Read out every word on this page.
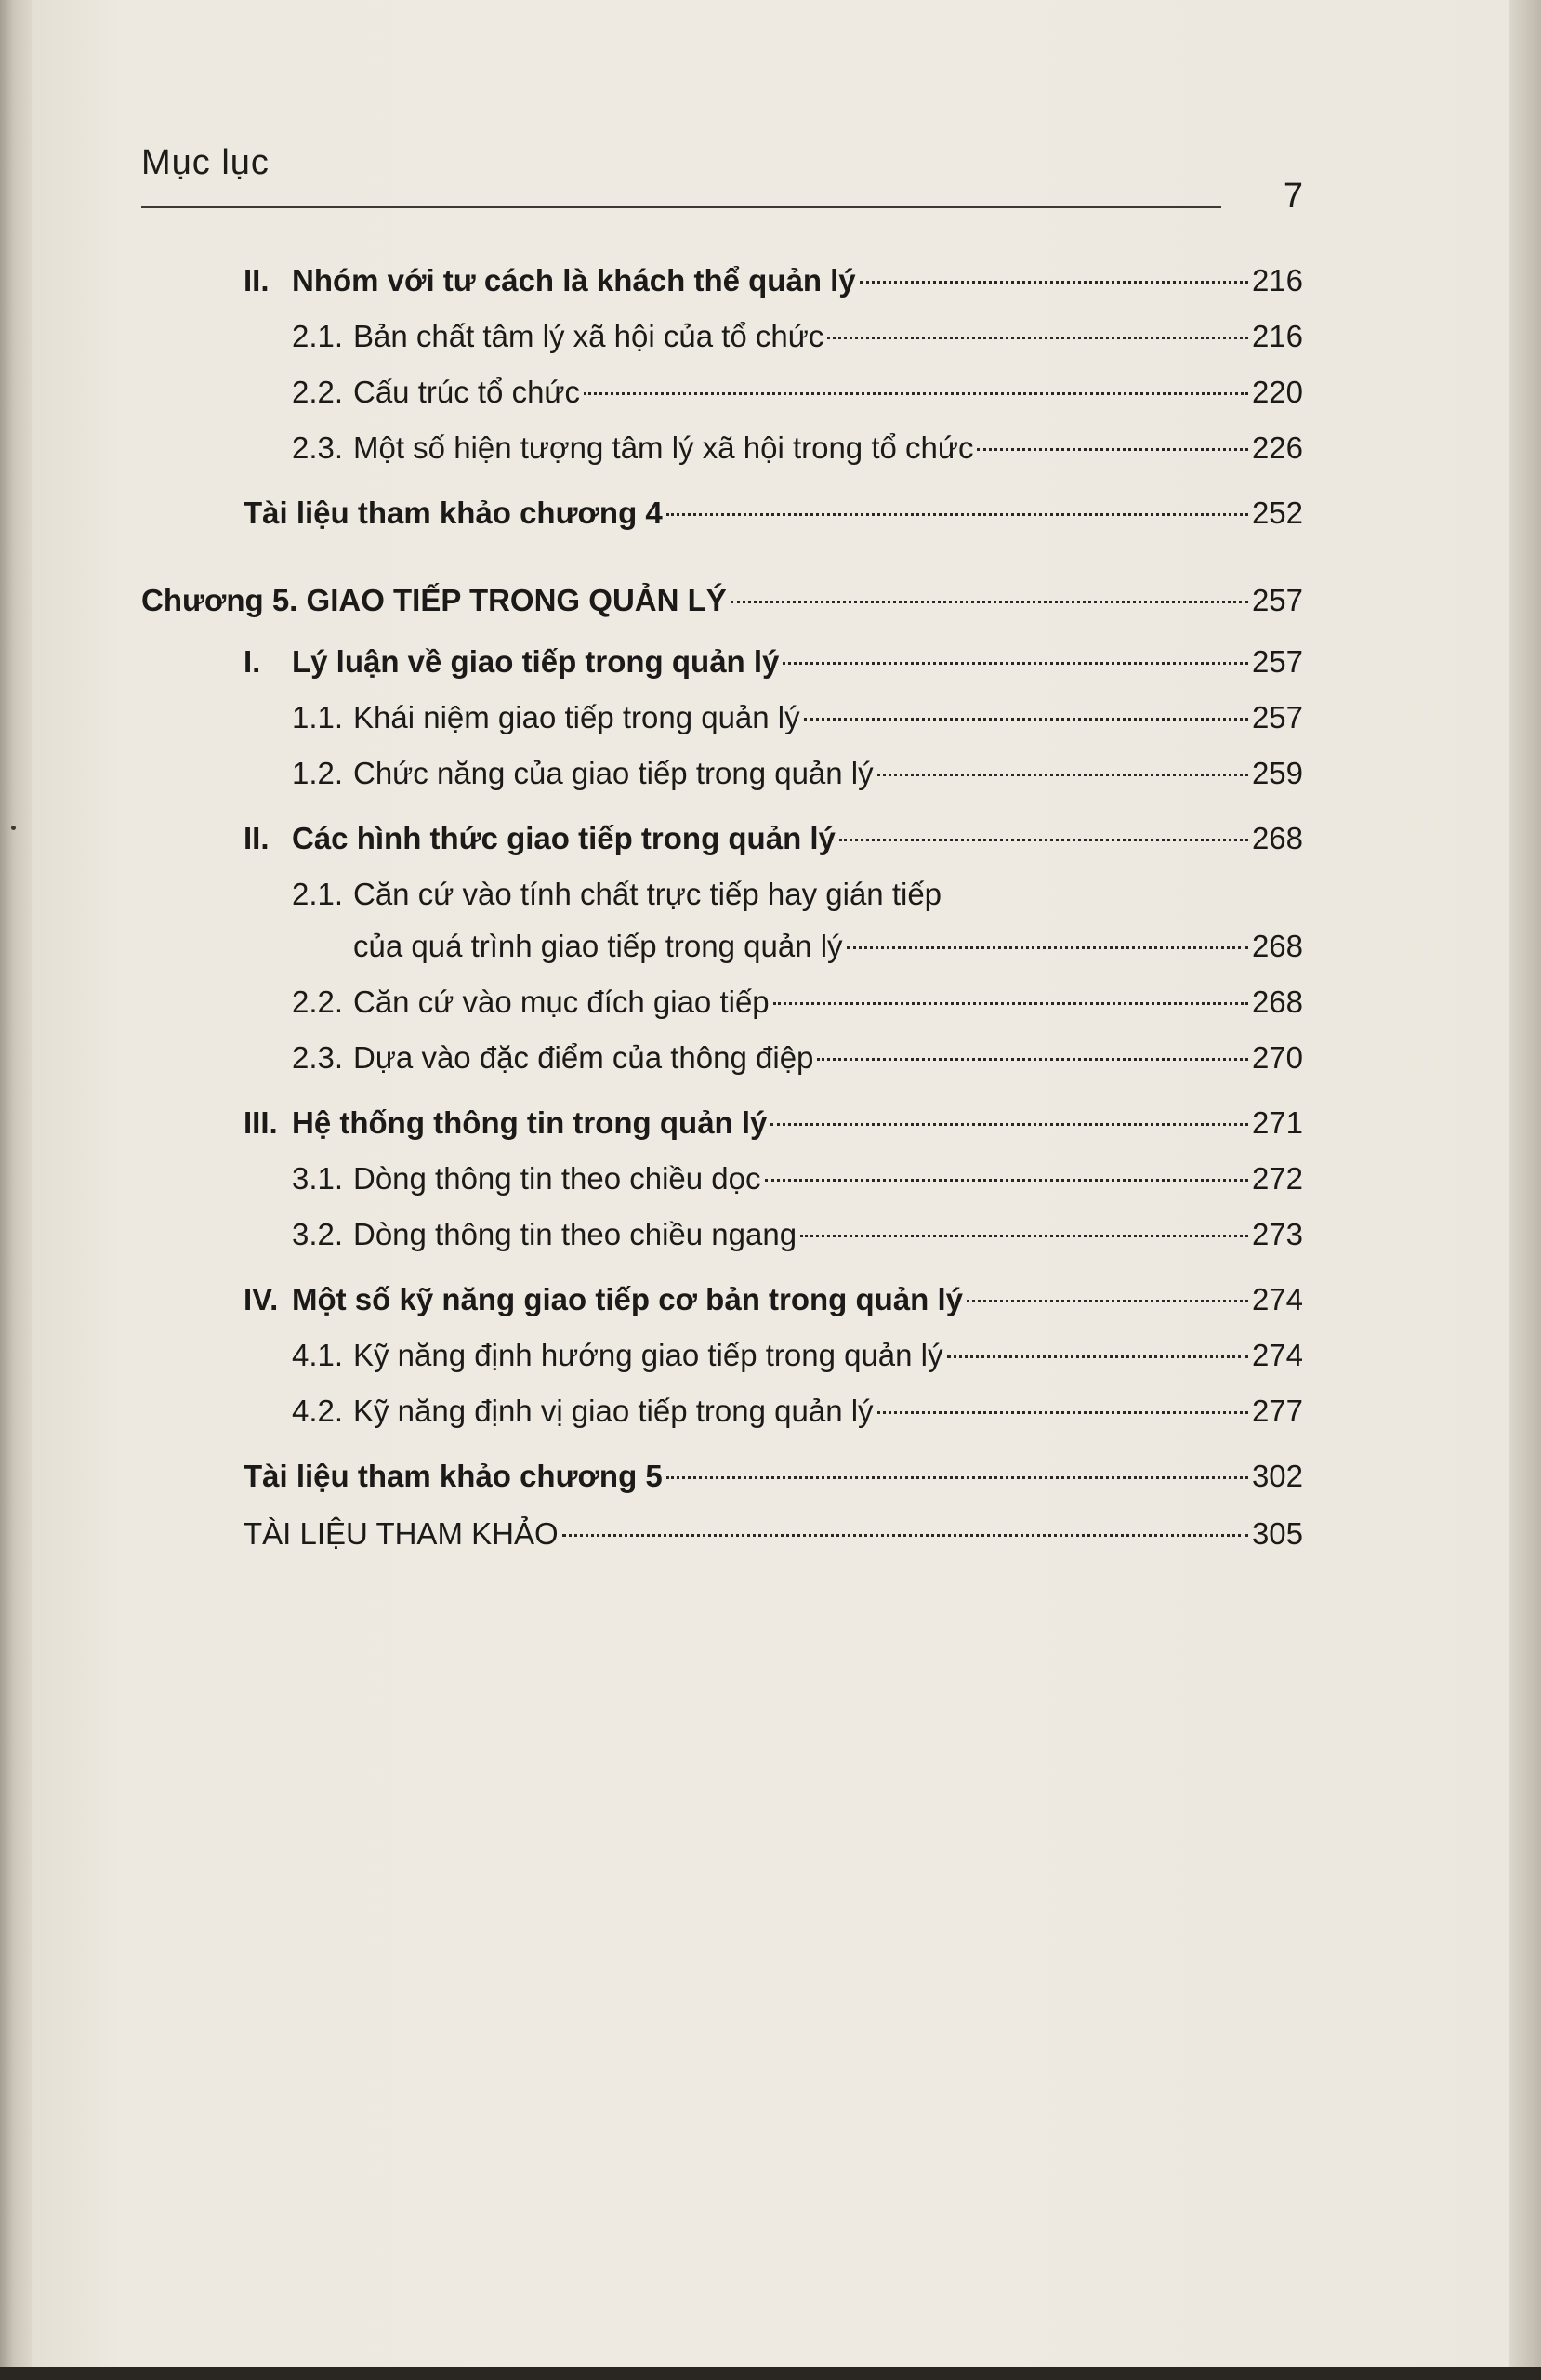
Mục lục
7
II. Nhóm với tư cách là khách thể quản lý	216
2.1. Bản chất tâm lý xã hội của tổ chức	216
2.2. Cấu trúc tổ chức	220
2.3. Một số hiện tượng tâm lý xã hội trong tổ chức	226
Tài liệu tham khảo chương 4	252
Chương 5. GIAO TIẾP TRONG QUẢN LÝ	257
I.	Lý luận về giao tiếp trong quản lý	257
1.1. Khái niệm giao tiếp trong quản lý	257
1.2. Chức năng của giao tiếp trong quản lý	259
II. Các hình thức giao tiếp trong quản lý	268
2.1. Căn cứ vào tính chất trực tiếp hay gián tiếp
của quá trình giao tiếp trong quản lý	268
2.2. Căn cứ vào mục đích giao tiếp	268
2.3. Dựa vào đặc điểm của thông điệp	270
III. Hệ thống thông tin trong quản lý	271
3.1. Dòng thông tin theo chiều dọc	272
3.2. Dòng thông tin theo chiều ngang	273
IV. Một số kỹ năng giao tiếp cơ bản trong quản lý	274
4.1. Kỹ năng định hướng giao tiếp trong quản lý	274
4.2. Kỹ năng định vị giao tiếp trong quản lý	277
Tài liệu tham khảo chương 5	302
TÀI LIỆU THAM KHẢO	305
